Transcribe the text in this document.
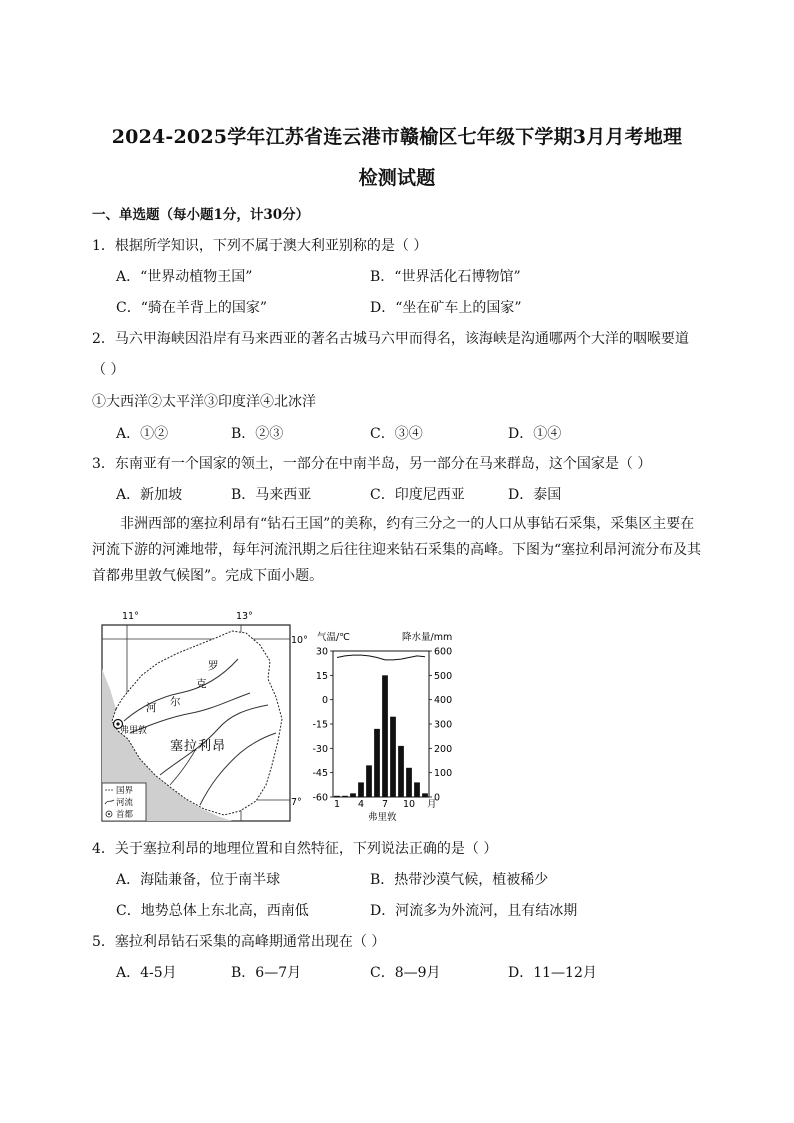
2024-2025学年江苏省连云港市赣榆区七年级下学期3月月考地理
检测试题
一、单选题（每小题1分，计30分）
1．根据所学知识，下列不属于澳大利亚别称的是（ ）
A．“世界动植物王国”	B．“世界活化石博物馆”
C．“骑在羊背上的国家”	D．“坐在矿车上的国家”
2．马六甲海峡因沿岸有马来西亚的著名古城马六甲而得名，该海峡是沟通哪两个大洋的咽喉要道
（ ）
①大西洋②太平洋③印度洋④北冰洋
A．①②	B．②③	C．③④	D．①④
3．东南亚有一个国家的领土，一部分在中南半岛，另一部分在马来群岛，这个国家是（ ）
A．新加坡	B．马来西亚	C．印度尼西亚	D．泰国
非洲西部的塞拉利昂有“钻石王国”的美称，约有三分之一的人口从事钻石采集，采集区主要在河流下游的河滩地带，每年河流汛期之后往往迎来钻石采集的高峰。下图为“塞拉利昂河流分布及其首都弗里敦气候图”。完成下面小题。
11°	13°
10°
7°
罗
克
尔
河
塞拉利昂
弗里敦
国界
河流
首都
气温/℃	降水量/mm
30
15
0
-15
-30
-45
-60
600
500
400
300
200
100
0
1 4 7 10 月
弗里敦
4．关于塞拉利昂的地理位置和自然特征，下列说法正确的是（ ）
A．海陆兼备，位于南半球	B．热带沙漠气候，植被稀少
C．地势总体上东北高，西南低	D．河流多为外流河，且有结冰期
5．塞拉利昂钻石采集的高峰期通常出现在（ ）
A．4-5月	B．6—7月	C．8—9月	D．11—12月
